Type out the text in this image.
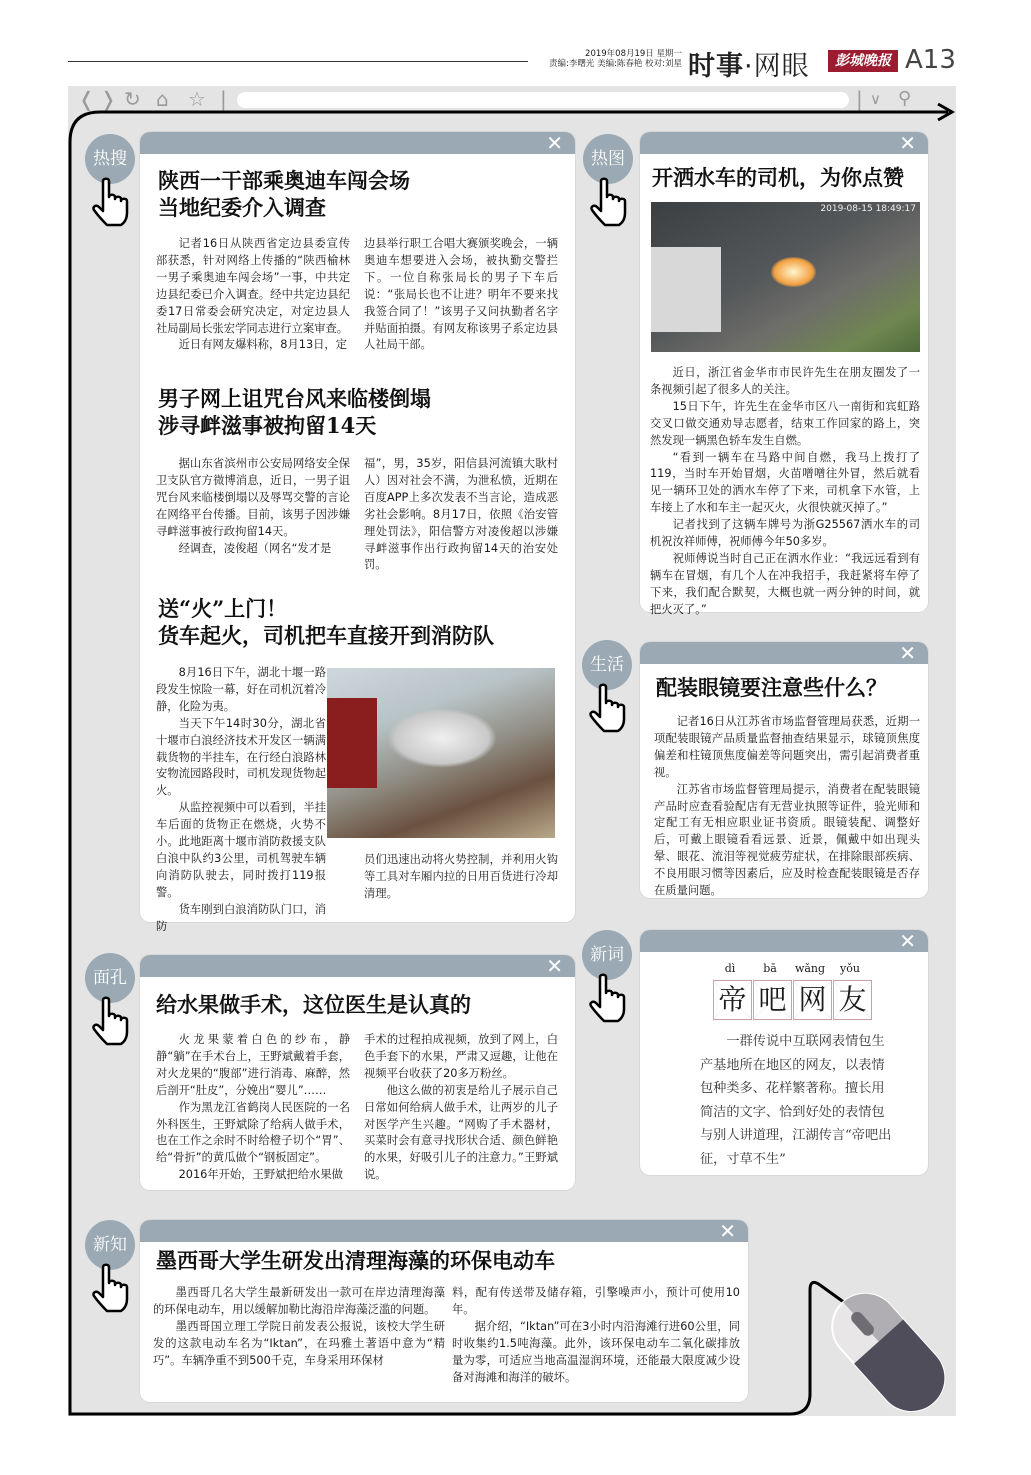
2019年08月19日 星期一
责编:李曙光 美编:陈春艳 校对:刘星 时事·网眼	彭城晚报 A13
❬ ❭ ↻ ⌂ ☆ |	| ∨ ⚲
✕
陕西一干部乘奥迪车闯会场
当地纪委介入调查

记者16日从陕西省定边县委宣传部获悉，针对网络上传播的“陕西榆林一男子乘奥迪车闯会场”一事，中共定边县纪委已介入调查。经中共定边县纪委17日常委会研究决定，对定边县人社局副局长张宏学同志进行立案审查。

近日有网友爆料称，8月13日，定

边县举行职工合唱大赛颁奖晚会，一辆奥迪车想要进入会场，被执勤交警拦下。一位自称张局长的男子下车后说：“张局长也不让进？明年不要来找我签合同了！”该男子又问执勤者名字并贴面拍摄。有网友称该男子系定边县人社局干部。

男子网上诅咒台风来临楼倒塌
涉寻衅滋事被拘留14天

据山东省滨州市公安局网络安全保卫支队官方微博消息，近日，一男子诅咒台风来临楼倒塌以及辱骂交警的言论在网络平台传播。目前，该男子因涉嫌寻衅滋事被行政拘留14天。

经调查，凌俊超（网名“发才是

福”，男，35岁，阳信县河流镇大耿村人）因对社会不满，为泄私愤，近期在百度APP上多次发表不当言论，造成恶劣社会影响。8月17日，依照《治安管理处罚法》，阳信警方对凌俊超以涉嫌寻衅滋事作出行政拘留14天的治安处罚。

送“火”上门！
货车起火，司机把车直接开到消防队

8月16日下午，湖北十堰一路段发生惊险一幕，好在司机沉着冷静，化险为夷。

当天下午14时30分，湖北省十堰市白浪经济技术开发区一辆满载货物的半挂车，在行经白浪路林安物流园路段时，司机发现货物起火。

从监控视频中可以看到，半挂车后面的货物正在燃烧，火势不小。此地距离十堰市消防救援支队白浪中队约3公里，司机驾驶车辆向消防队驶去，同时拨打119报警。

货车刚到白浪消防队门口，消防

员们迅速出动将火势控制，并利用火钩等工具对车厢内拉的日用百货进行冷却清理。

✕
开洒水车的司机，为你点赞
2019-08-15 18:49:17

近日，浙江省金华市市民许先生在朋友圈发了一条视频引起了很多人的关注。

15日下午，许先生在金华市区八一南街和宾虹路交叉口做交通劝导志愿者，结束工作回家的路上，突然发现一辆黑色轿车发生自燃。

“看到一辆车在马路中间自燃，我马上拨打了119，当时车开始冒烟，火苗噌噌往外冒，然后就看见一辆环卫处的洒水车停了下来，司机拿下水管，上车接上了水和车主一起灭火，火很快就灭掉了。”

记者找到了这辆车牌号为浙G25567洒水车的司机祝汝祥师傅，祝师傅今年50多岁。

祝师傅说当时自己正在洒水作业：“我远远看到有辆车在冒烟，有几个人在冲我招手，我赶紧将车停了下来，我们配合默契，大概也就一两分钟的时间，就把火灭了。”

✕
配装眼镜要注意些什么？

记者16日从江苏省市场监督管理局获悉，近期一项配装眼镜产品质量监督抽查结果显示，球镜顶焦度偏差和柱镜顶焦度偏差等问题突出，需引起消费者重视。

江苏省市场监督管理局提示，消费者在配装眼镜产品时应查看验配店有无营业执照等证件，验光师和定配工有无相应职业证书资质。眼镜装配、调整好后，可戴上眼镜看看远景、近景，佩戴中如出现头晕、眼花、流泪等视觉疲劳症状，在排除眼部疾病、不良用眼习惯等因素后，应及时检查配装眼镜是否存在质量问题。

✕
dì	bā	wǎng	yǒu
帝 吧 网 友

一群传说中互联网表情包生产基地所在地区的网友，以表情包种类多、花样繁著称。擅长用简洁的文字、恰到好处的表情包与别人讲道理，江湖传言“帝吧出征，寸草不生”

✕
给水果做手术，这位医生是认真的

火龙果蒙着白色的纱布，静静“躺”在手术台上，王野斌戴着手套，对火龙果的“腹部”进行消毒、麻醉，然后剖开“肚皮”，分娩出“婴儿”……

作为黑龙江省鹤岗人民医院的一名外科医生，王野斌除了给病人做手术，也在工作之余时不时给橙子切个“胃”、给“骨折”的黄瓜做个“钢板固定”。

2016年开始，王野斌把给水果做

手术的过程拍成视频，放到了网上，白色手套下的水果，严肃又逗趣，让他在视频平台收获了20多万粉丝。

他这么做的初衷是给儿子展示自己日常如何给病人做手术，让两岁的儿子对医学产生兴趣。“网购了手术器材，买菜时会有意寻找形状合适、颜色鲜艳的水果，好吸引儿子的注意力。”王野斌说。

✕
墨西哥大学生研发出清理海藻的环保电动车

墨西哥几名大学生最新研发出一款可在岸边清理海藻的环保电动车，用以缓解加勒比海沿岸海藻泛滥的问题。

墨西哥国立理工学院日前发表公报说，该校大学生研发的这款电动车名为“Iktan”，在玛雅土著语中意为“精巧”。车辆净重不到500千克，车身采用环保材

料，配有传送带及储存箱，引擎噪声小，预计可使用10年。

据介绍，“Iktan”可在3小时内沿海滩行进60公里，同时收集约1.5吨海藻。此外，该环保电动车二氧化碳排放量为零，可适应当地高温湿润环境，还能最大限度减少设备对海滩和海洋的破坏。

热搜	热图
生活
新词
面孔
新知
